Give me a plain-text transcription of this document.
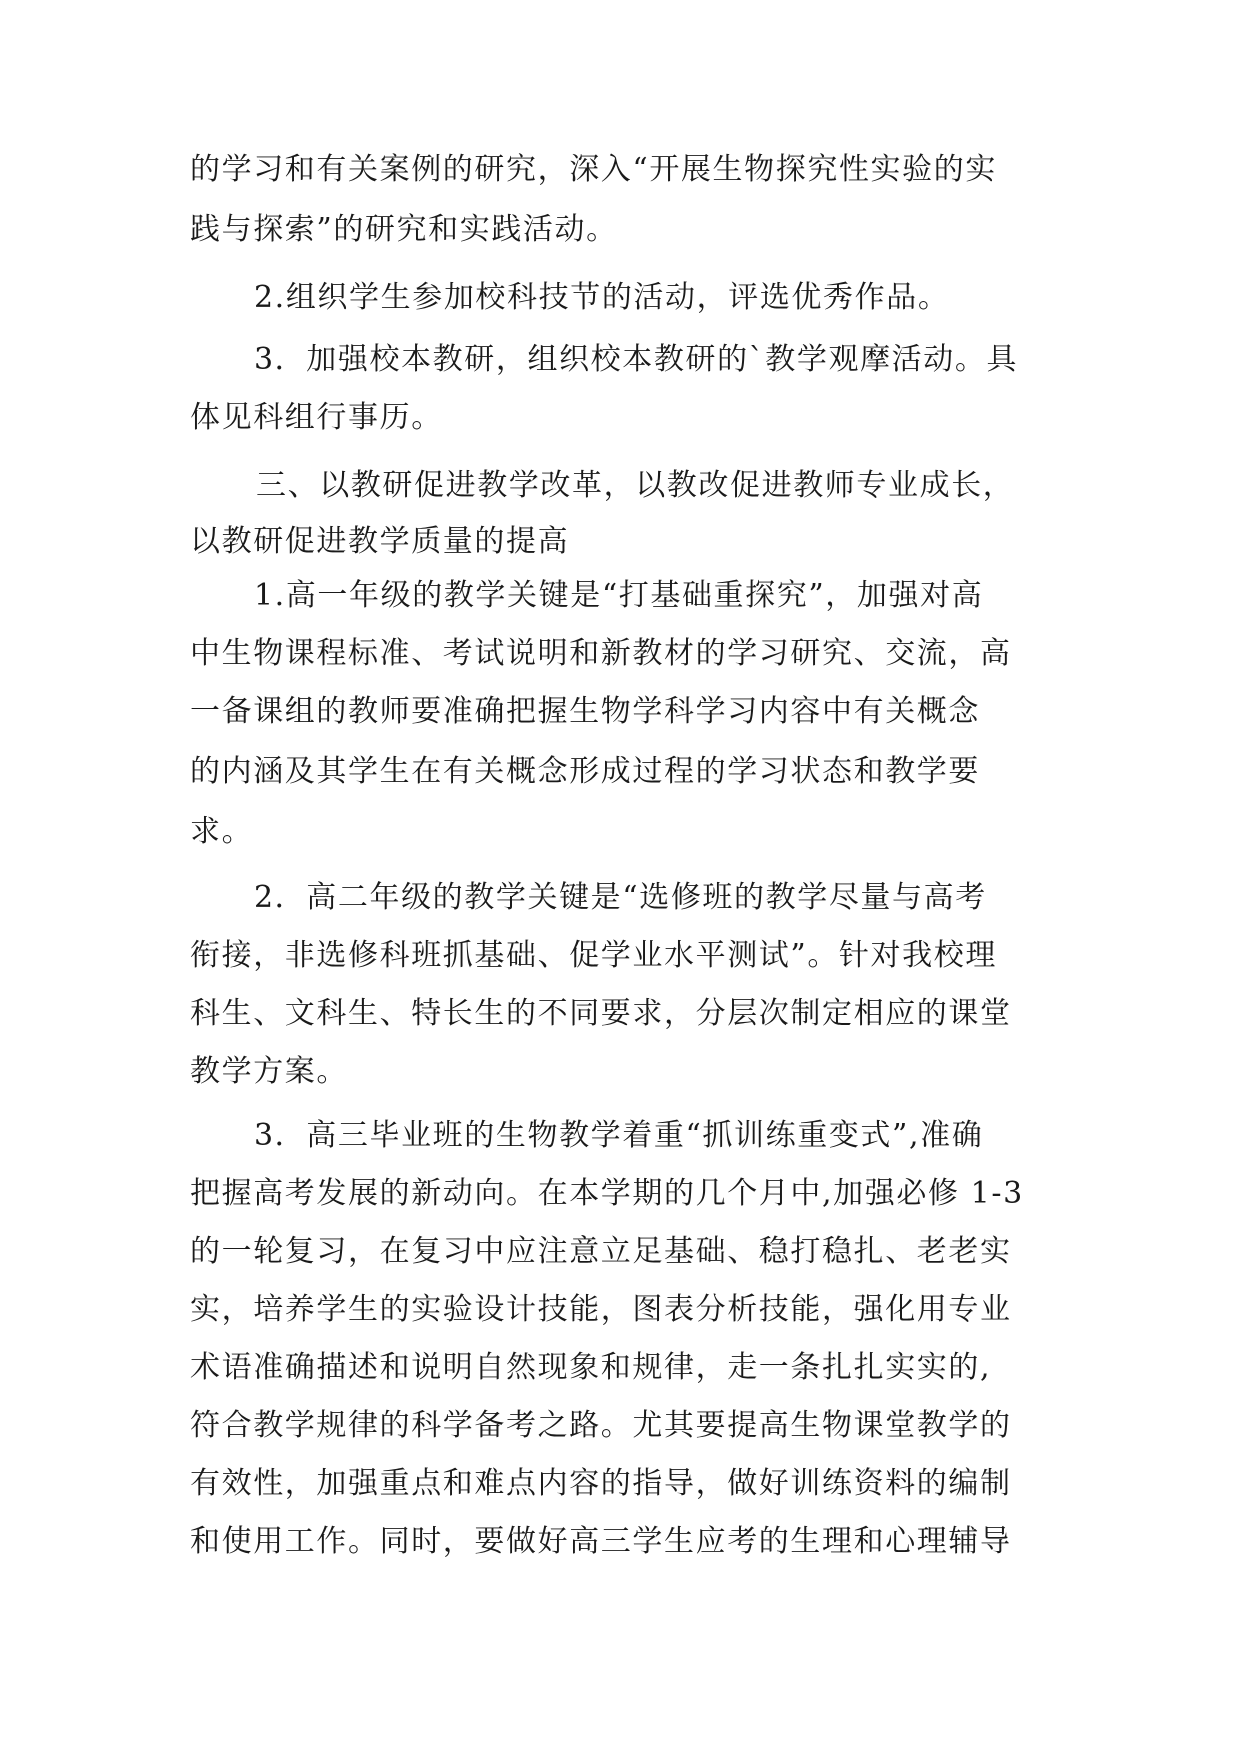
的学习和有关案例的研究，深入“开展生物探究性实验的实
践与探索”的研究和实践活动。
2.组织学生参加校科技节的活动，评选优秀作品。
3．加强校本教研，组织校本教研的`教学观摩活动。具
体见科组行事历。
三、以教研促进教学改革，以教改促进教师专业成长，
以教研促进教学质量的提高
1.高一年级的教学关键是“打基础重探究”，加强对高
中生物课程标准、考试说明和新教材的学习研究、交流，高
一备课组的教师要准确把握生物学科学习内容中有关概念
的内涵及其学生在有关概念形成过程的学习状态和教学要
求。
2．高二年级的教学关键是“选修班的教学尽量与高考
衔接，非选修科班抓基础、促学业水平测试”。针对我校理
科生、文科生、特长生的不同要求，分层次制定相应的课堂
教学方案。
3．高三毕业班的生物教学着重“抓训练重变式”,准确
把握高考发展的新动向。在本学期的几个月中,加强必修 1-3
的一轮复习，在复习中应注意立足基础、稳打稳扎、老老实
实，培养学生的实验设计技能，图表分析技能，强化用专业
术语准确描述和说明自然现象和规律，走一条扎扎实实的,
符合教学规律的科学备考之路。尤其要提高生物课堂教学的
有效性，加强重点和难点内容的指导，做好训练资料的编制
和使用工作。同时，要做好高三学生应考的生理和心理辅导
